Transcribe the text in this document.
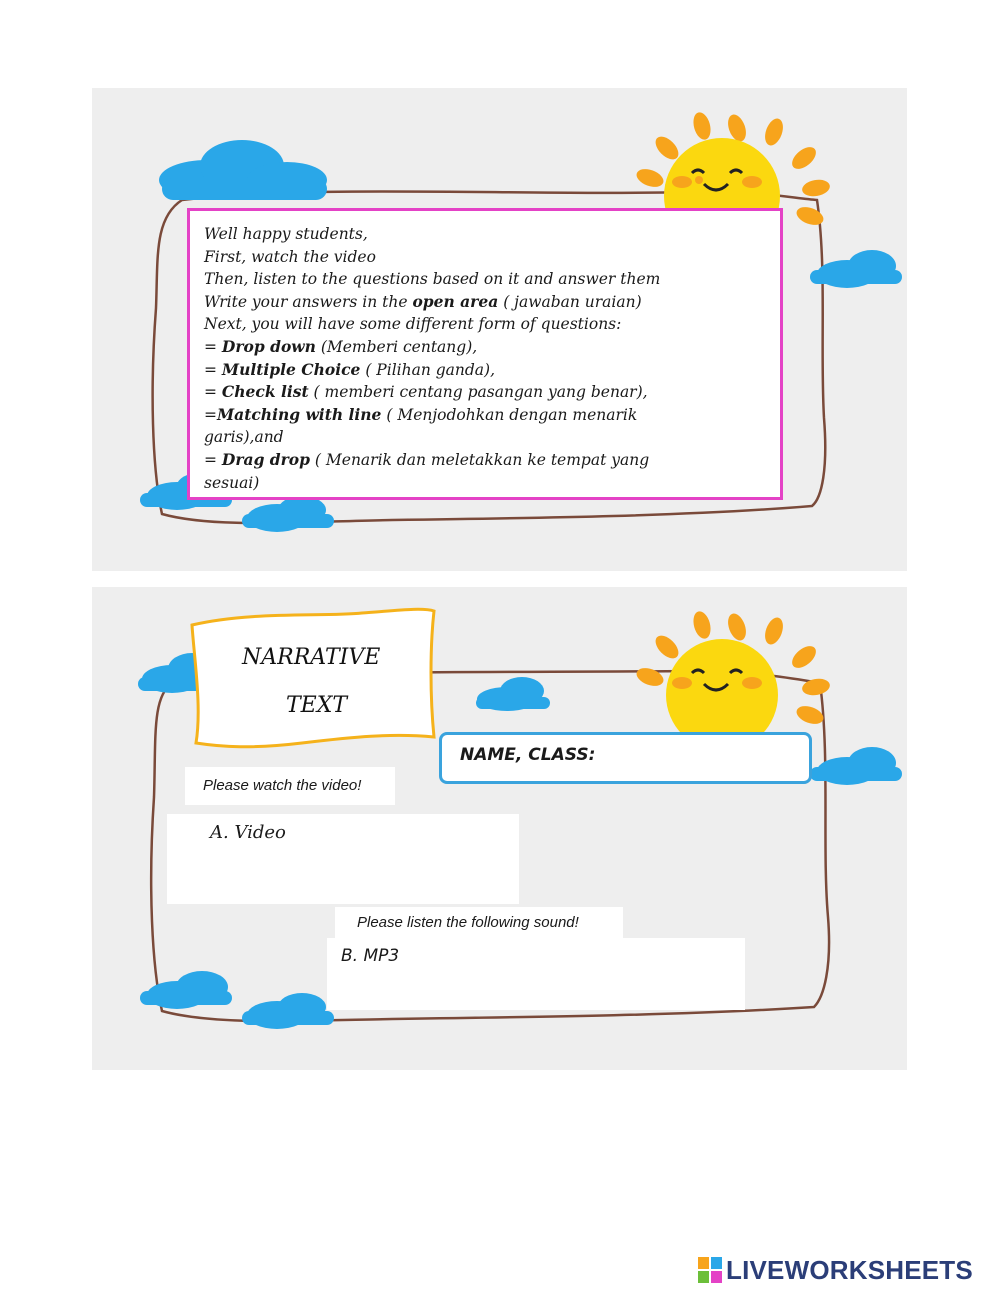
Well happy students,
First, watch the video
Then, listen to the questions based on it and answer them
Write your answers in the open area ( jawaban uraian)
Next, you will have some different form of questions:
= Drop down (Memberi centang),
= Multiple Choice ( Pilihan ganda),
= Check list ( memberi centang pasangan yang benar),
=Matching with line ( Menjodohkan dengan menarik
garis),and
= Drag drop ( Menarik dan meletakkan ke tempat yang
sesuai)
NARRATIVE
TEXT
NAME, CLASS:
Please watch the video!
A. Video
Please listen the following sound!
B. MP3
LIVEWORKSHEETS
